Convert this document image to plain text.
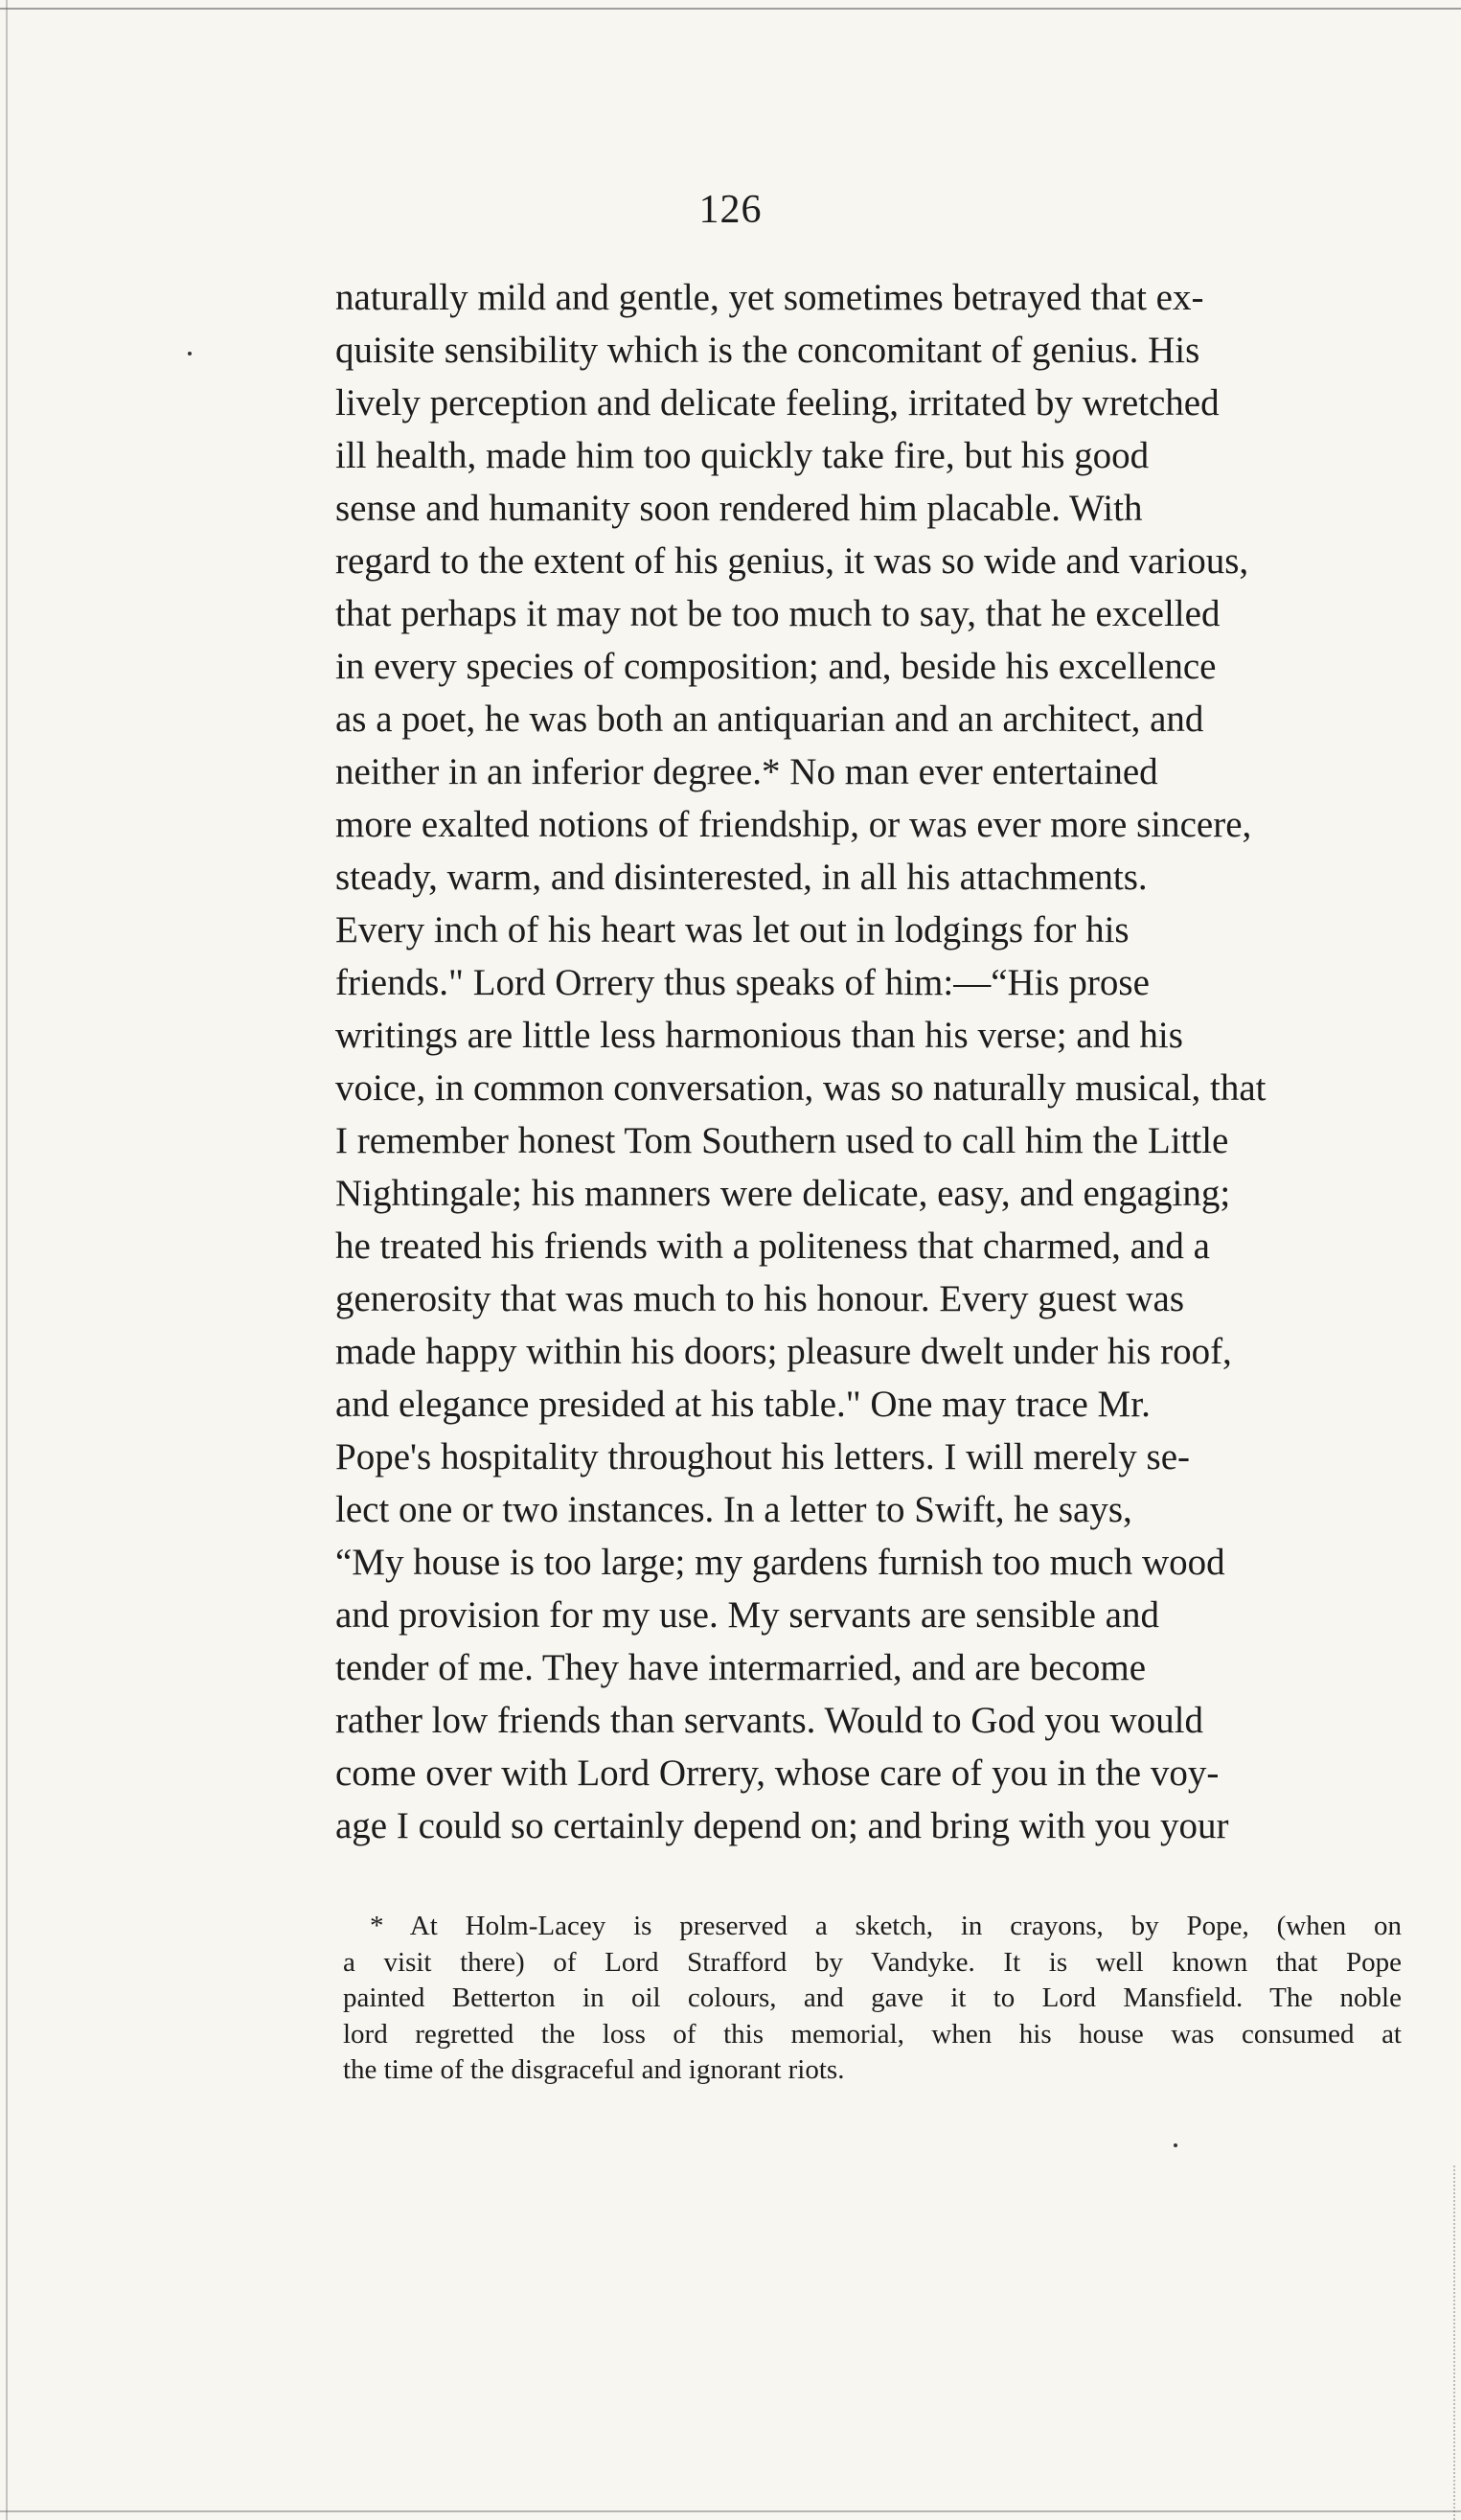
126
naturally mild and gentle, yet sometimes betrayed that ex-
quisite sensibility which is the concomitant of genius. His
lively perception and delicate feeling, irritated by wretched
ill health, made him too quickly take fire, but his good
sense and humanity soon rendered him placable. With
regard to the extent of his genius, it was so wide and various,
that perhaps it may not be too much to say, that he excelled
in every species of composition; and, beside his excellence
as a poet, he was both an antiquarian and an architect, and
neither in an inferior degree.* No man ever entertained
more exalted notions of friendship, or was ever more sincere,
steady, warm, and disinterested, in all his attachments.
Every inch of his heart was let out in lodgings for his
friends." Lord Orrery thus speaks of him:—“His prose
writings are little less harmonious than his verse; and his
voice, in common conversation, was so naturally musical, that
I remember honest Tom Southern used to call him the Little
Nightingale; his manners were delicate, easy, and engaging;
he treated his friends with a politeness that charmed, and a
generosity that was much to his honour. Every guest was
made happy within his doors; pleasure dwelt under his roof,
and elegance presided at his table." One may trace Mr.
Pope's hospitality throughout his letters. I will merely se-
lect one or two instances. In a letter to Swift, he says,
“My house is too large; my gardens furnish too much wood
and provision for my use. My servants are sensible and
tender of me. They have intermarried, and are become
rather low friends than servants. Would to God you would
come over with Lord Orrery, whose care of you in the voy-
age I could so certainly depend on; and bring with you your
* At Holm-Lacey is preserved a sketch, in crayons, by Pope, (when on
a visit there) of Lord Strafford by Vandyke. It is well known that Pope
painted Betterton in oil colours, and gave it to Lord Mansfield. The noble
lord regretted the loss of this memorial, when his house was consumed at
the time of the disgraceful and ignorant riots.
